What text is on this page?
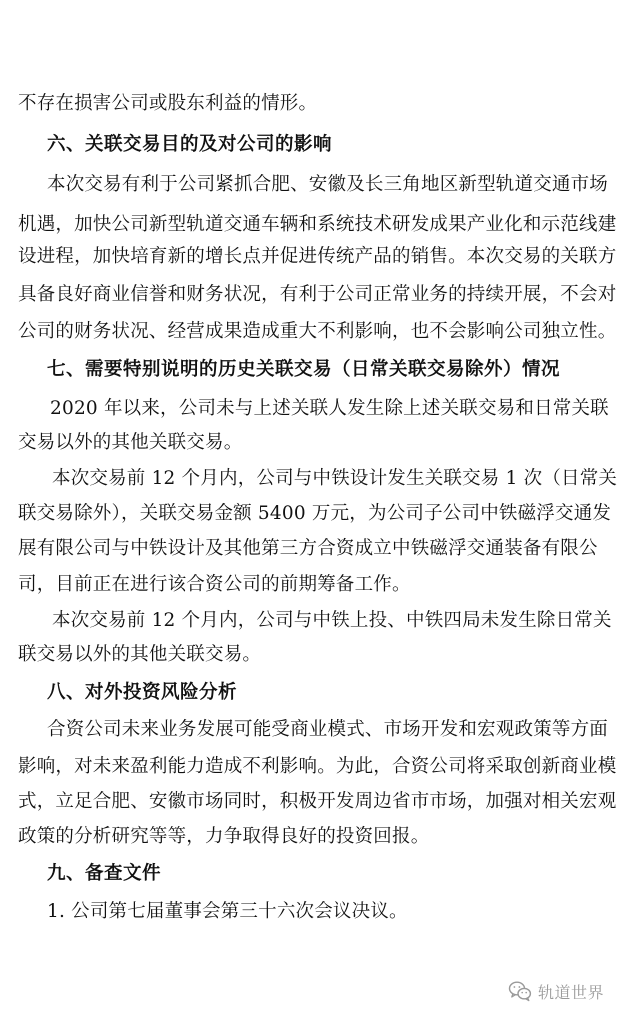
不存在损害公司或股东利益的情形。
六、关联交易目的及对公司的影响
本次交易有利于公司紧抓合肥、安徽及长三角地区新型轨道交通市场
机遇，加快公司新型轨道交通车辆和系统技术研发成果产业化和示范线建
设进程，加快培育新的增长点并促进传统产品的销售。本次交易的关联方
具备良好商业信誉和财务状况，有利于公司正常业务的持续开展，不会对
公司的财务状况、经营成果造成重大不利影响，也不会影响公司独立性。
七、需要特别说明的历史关联交易（日常关联交易除外）情况
2020 年以来，公司未与上述关联人发生除上述关联交易和日常关联
交易以外的其他关联交易。
本次交易前 12 个月内，公司与中铁设计发生关联交易 1 次（日常关
联交易除外），关联交易金额 5400 万元，为公司子公司中铁磁浮交通发
展有限公司与中铁设计及其他第三方合资成立中铁磁浮交通装备有限公
司，目前正在进行该合资公司的前期筹备工作。
本次交易前 12 个月内，公司与中铁上投、中铁四局未发生除日常关
联交易以外的其他关联交易。
八、对外投资风险分析
合资公司未来业务发展可能受商业模式、市场开发和宏观政策等方面
影响，对未来盈利能力造成不利影响。为此，合资公司将采取创新商业模
式，立足合肥、安徽市场同时，积极开发周边省市市场，加强对相关宏观
政策的分析研究等等，力争取得良好的投资回报。
九、备查文件
1. 公司第七届董事会第三十六次会议决议。
轨道世界
